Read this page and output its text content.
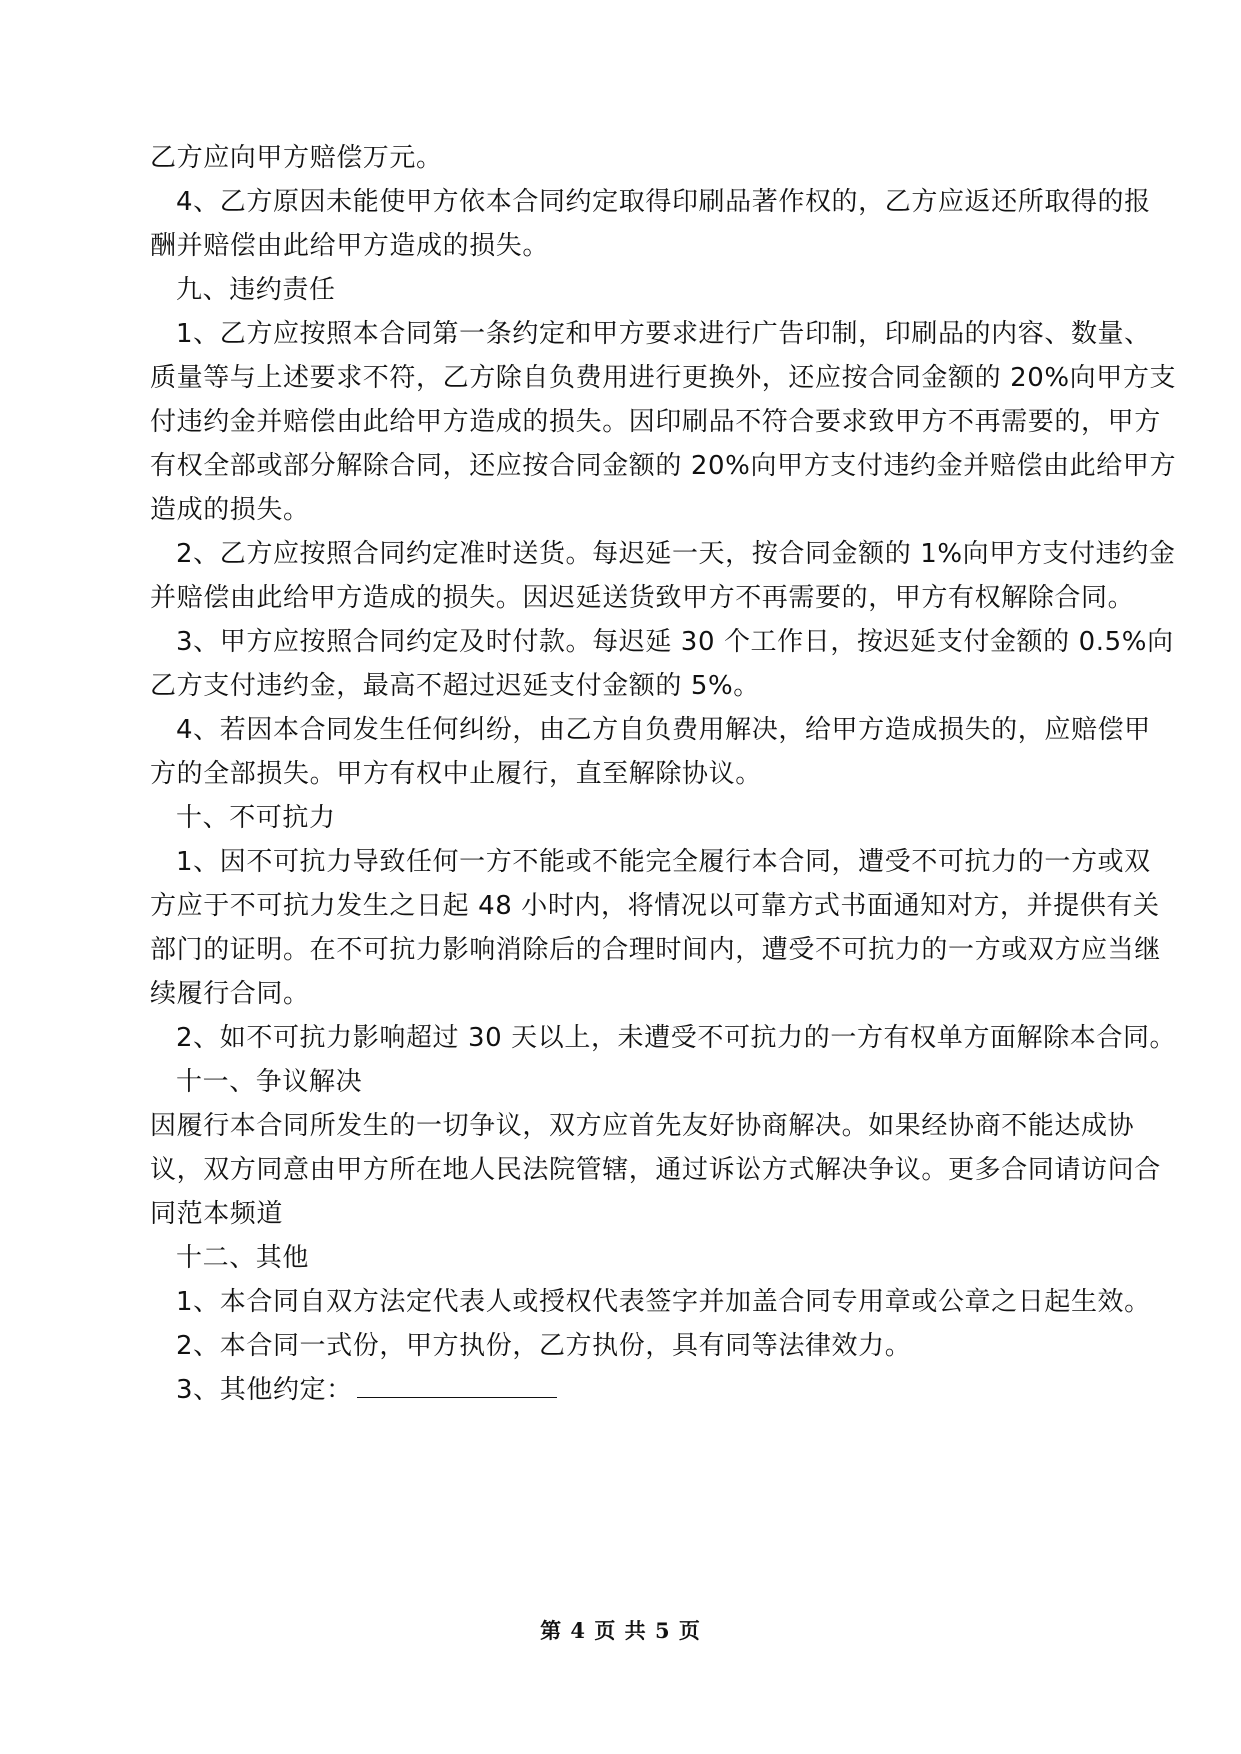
乙方应向甲方赔偿万元。
4、乙方原因未能使甲方依本合同约定取得印刷品著作权的，乙方应返还所取得的报
酬并赔偿由此给甲方造成的损失。
九、违约责任
1、乙方应按照本合同第一条约定和甲方要求进行广告印制，印刷品的内容、数量、
质量等与上述要求不符，乙方除自负费用进行更换外，还应按合同金额的 20%向甲方支
付违约金并赔偿由此给甲方造成的损失。因印刷品不符合要求致甲方不再需要的，甲方
有权全部或部分解除合同，还应按合同金额的 20%向甲方支付违约金并赔偿由此给甲方
造成的损失。
2、乙方应按照合同约定准时送货。每迟延一天，按合同金额的 1%向甲方支付违约金
并赔偿由此给甲方造成的损失。因迟延送货致甲方不再需要的，甲方有权解除合同。
3、甲方应按照合同约定及时付款。每迟延 30 个工作日，按迟延支付金额的 0.5%向
乙方支付违约金，最高不超过迟延支付金额的 5%。
4、若因本合同发生任何纠纷，由乙方自负费用解决，给甲方造成损失的，应赔偿甲
方的全部损失。甲方有权中止履行，直至解除协议。
十、不可抗力
1、因不可抗力导致任何一方不能或不能完全履行本合同，遭受不可抗力的一方或双
方应于不可抗力发生之日起 48 小时内，将情况以可靠方式书面通知对方，并提供有关
部门的证明。在不可抗力影响消除后的合理时间内，遭受不可抗力的一方或双方应当继
续履行合同。
2、如不可抗力影响超过 30 天以上，未遭受不可抗力的一方有权单方面解除本合同。
十一、争议解决
因履行本合同所发生的一切争议，双方应首先友好协商解决。如果经协商不能达成协
议，双方同意由甲方所在地人民法院管辖，通过诉讼方式解决争议。更多合同请访问合
同范本频道
十二、其他
1、本合同自双方法定代表人或授权代表签字并加盖合同专用章或公章之日起生效。
2、本合同一式份，甲方执份，乙方执份，具有同等法律效力。
3、其他约定：
第 4 页 共 5 页
